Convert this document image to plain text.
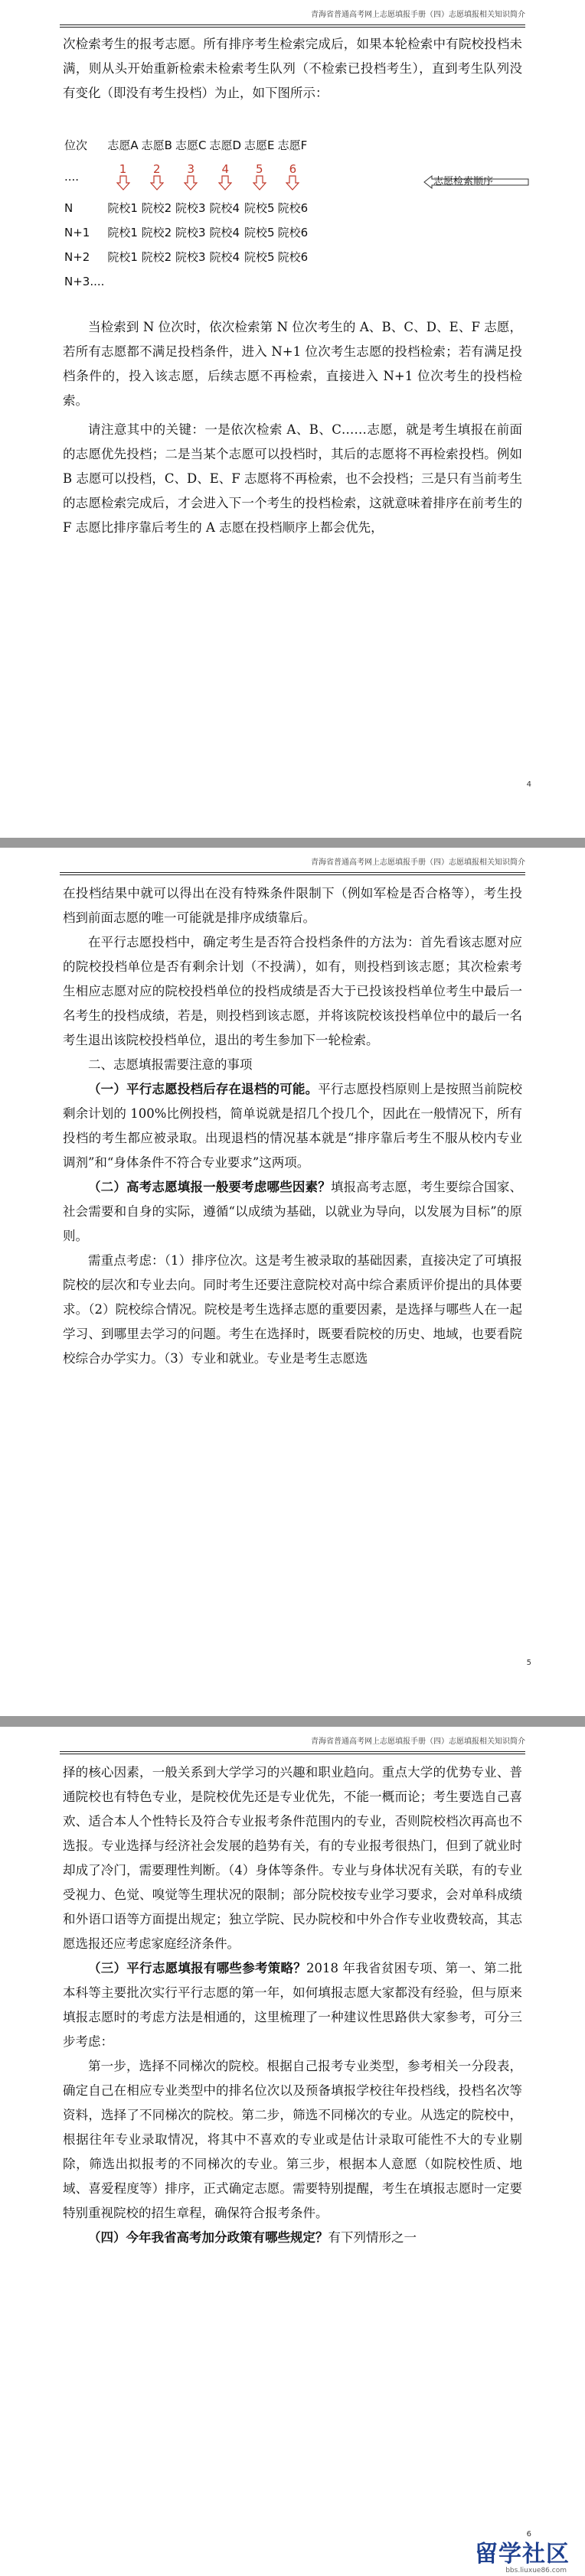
青海省普通高考网上志愿填报手册（四）志愿填报相关知识简介

次检索考生的报考志愿。所有排序考生检索完成后，如果本轮检索中有院校投档未满，则从头开始重新检索未检索考生队列（不检索已投档考生），直到考生队列没有变化（即没有考生投档）为止，如下图所示：

位次	志愿A	志愿B	志愿C	志愿D	志愿E	志愿F
....	1	2	3	4	5	6

N	院校1	院校2	院校3	院校4	院校5	院校6
N+1	院校1	院校2	院校3	院校4	院校5	院校6
N+2	院校1	院校2	院校3	院校4	院校5	院校6
N+3....						
志愿检索顺序

当检索到 N 位次时，依次检索第 N 位次考生的 A、B、C、D、E、F 志愿，若所有志愿都不满足投档条件，进入 N+1 位次考生志愿的投档检索；若有满足投档条件的，投入该志愿，后续志愿不再检索，直接进入 N+1 位次考生的投档检索。

请注意其中的关键：一是依次检索 A、B、C……志愿，就是考生填报在前面的志愿优先投档；二是当某个志愿可以投档时，其后的志愿将不再检索投档。例如 B 志愿可以投档，C、D、E、F 志愿将不再检索，也不会投档；三是只有当前考生的志愿检索完成后，才会进入下一个考生的投档检索，这就意味着排序在前考生的 F 志愿比排序靠后考生的 A 志愿在投档顺序上都会优先，

4
青海省普通高考网上志愿填报手册（四）志愿填报相关知识简介

在投档结果中就可以得出在没有特殊条件限制下（例如军检是否合格等），考生投档到前面志愿的唯一可能就是排序成绩靠后。

在平行志愿投档中，确定考生是否符合投档条件的方法为：首先看该志愿对应的院校投档单位是否有剩余计划（不投满），如有，则投档到该志愿；其次检索考生相应志愿对应的院校投档单位的投档成绩是否大于已投该投档单位考生中最后一名考生的投档成绩，若是，则投档到该志愿，并将该院校该投档单位中的最后一名考生退出该院校投档单位，退出的考生参加下一轮检索。

二、志愿填报需要注意的事项

（一）平行志愿投档后存在退档的可能。平行志愿投档原则上是按照当前院校剩余计划的 100%比例投档，简单说就是招几个投几个，因此在一般情况下，所有投档的考生都应被录取。出现退档的情况基本就是“排序靠后考生不服从校内专业调剂”和“身体条件不符合专业要求”这两项。

（二）高考志愿填报一般要考虑哪些因素？填报高考志愿，考生要综合国家、社会需要和自身的实际，遵循“以成绩为基础，以就业为导向，以发展为目标”的原则。

需重点考虑：（1）排序位次。这是考生被录取的基础因素，直接决定了可填报院校的层次和专业去向。同时考生还要注意院校对高中综合素质评价提出的具体要求。（2）院校综合情况。院校是考生选择志愿的重要因素，是选择与哪些人在一起学习、到哪里去学习的问题。考生在选择时，既要看院校的历史、地域，也要看院校综合办学实力。（3）专业和就业。专业是考生志愿选

5
青海省普通高考网上志愿填报手册（四）志愿填报相关知识简介

择的核心因素，一般关系到大学学习的兴趣和职业趋向。重点大学的优势专业、普通院校也有特色专业，是院校优先还是专业优先，不能一概而论；考生要选自己喜欢、适合本人个性特长及符合专业报考条件范围内的专业，否则院校档次再高也不选报。专业选择与经济社会发展的趋势有关，有的专业报考很热门，但到了就业时却成了冷门，需要理性判断。（4）身体等条件。专业与身体状况有关联，有的专业受视力、色觉、嗅觉等生理状况的限制；部分院校按专业学习要求，会对单科成绩和外语口语等方面提出规定；独立学院、民办院校和中外合作专业收费较高，其志愿选报还应考虑家庭经济条件。

（三）平行志愿填报有哪些参考策略？2018 年我省贫困专项、第一、第二批本科等主要批次实行平行志愿的第一年，如何填报志愿大家都没有经验，但与原来填报志愿时的考虑方法是相通的，这里梳理了一种建议性思路供大家参考，可分三步考虑：

第一步，选择不同梯次的院校。根据自己报考专业类型，参考相关一分段表，确定自己在相应专业类型中的排名位次以及预备填报学校往年投档线，投档名次等资料，选择了不同梯次的院校。第二步，筛选不同梯次的专业。从选定的院校中，根据往年专业录取情况，将其中不喜欢的专业或是估计录取可能性不大的专业剔除，筛选出拟报考的不同梯次的专业。第三步，根据本人意愿（如院校性质、地域、喜爱程度等）排序，正式确定志愿。需要特别提醒，考生在填报志愿时一定要特别重视院校的招生章程，确保符合报考条件。

（四）今年我省高考加分政策有哪些规定？有下列情形之一

6
留学社区
bbs.liuxue86.com
